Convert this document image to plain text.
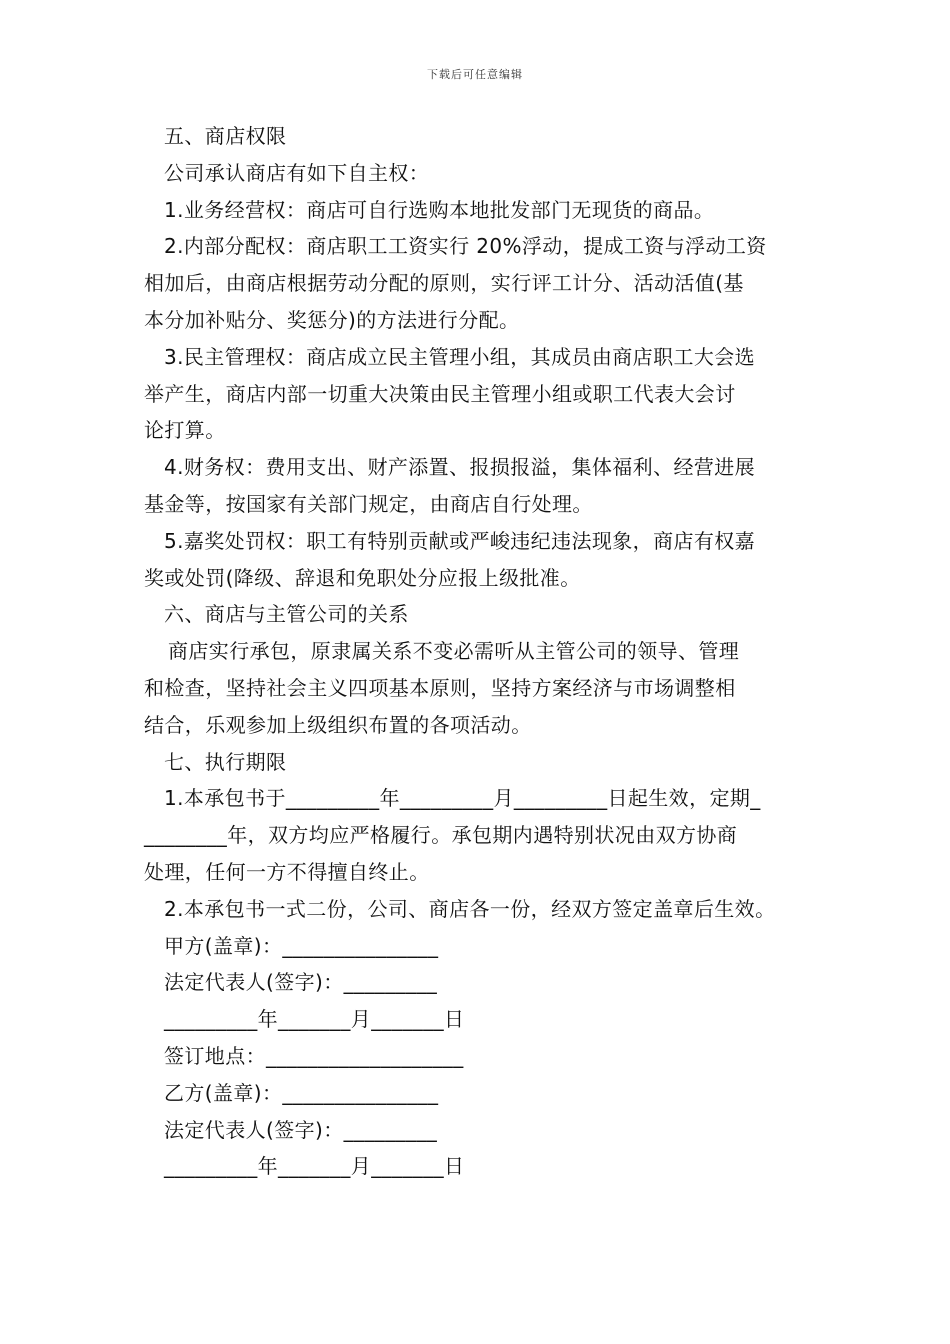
下载后可任意编辑
五、商店权限
公司承认商店有如下自主权：
1.业务经营权：商店可自行选购本地批发部门无现货的商品。
2.内部分配权：商店职工工资实行 20%浮动，提成工资与浮动工资
相加后，由商店根据劳动分配的原则，实行评工计分、活动活值(基
本分加补贴分、奖惩分)的方法进行分配。
3.民主管理权：商店成立民主管理小组，其成员由商店职工大会选
举产生，商店内部一切重大决策由民主管理小组或职工代表大会讨
论打算。
4.财务权：费用支出、财产添置、报损报溢，集体福利、经营进展
基金等，按国家有关部门规定，由商店自行处理。
5.嘉奖处罚权：职工有特别贡献或严峻违纪违法现象，商店有权嘉
奖或处罚(降级、辞退和免职处分应报上级批准。
六、商店与主管公司的关系
商店实行承包，原隶属关系不变必需听从主管公司的领导、管理
和检查，坚持社会主义四项基本原则，坚持方案经济与市场调整相
结合，乐观参加上级组织布置的各项活动。
七、执行期限
1.本承包书于_________年_________月_________日起生效，定期_
________年，双方均应严格履行。承包期内遇特别状况由双方协商
处理，任何一方不得擅自终止。
2.本承包书一式二份，公司、商店各一份，经双方签定盖章后生效。
甲方(盖章)：_______________
法定代表人(签字)：_________
_________年_______月_______日
签订地点：___________________
乙方(盖章)：_______________
法定代表人(签字)：_________
_________年_______月_______日
